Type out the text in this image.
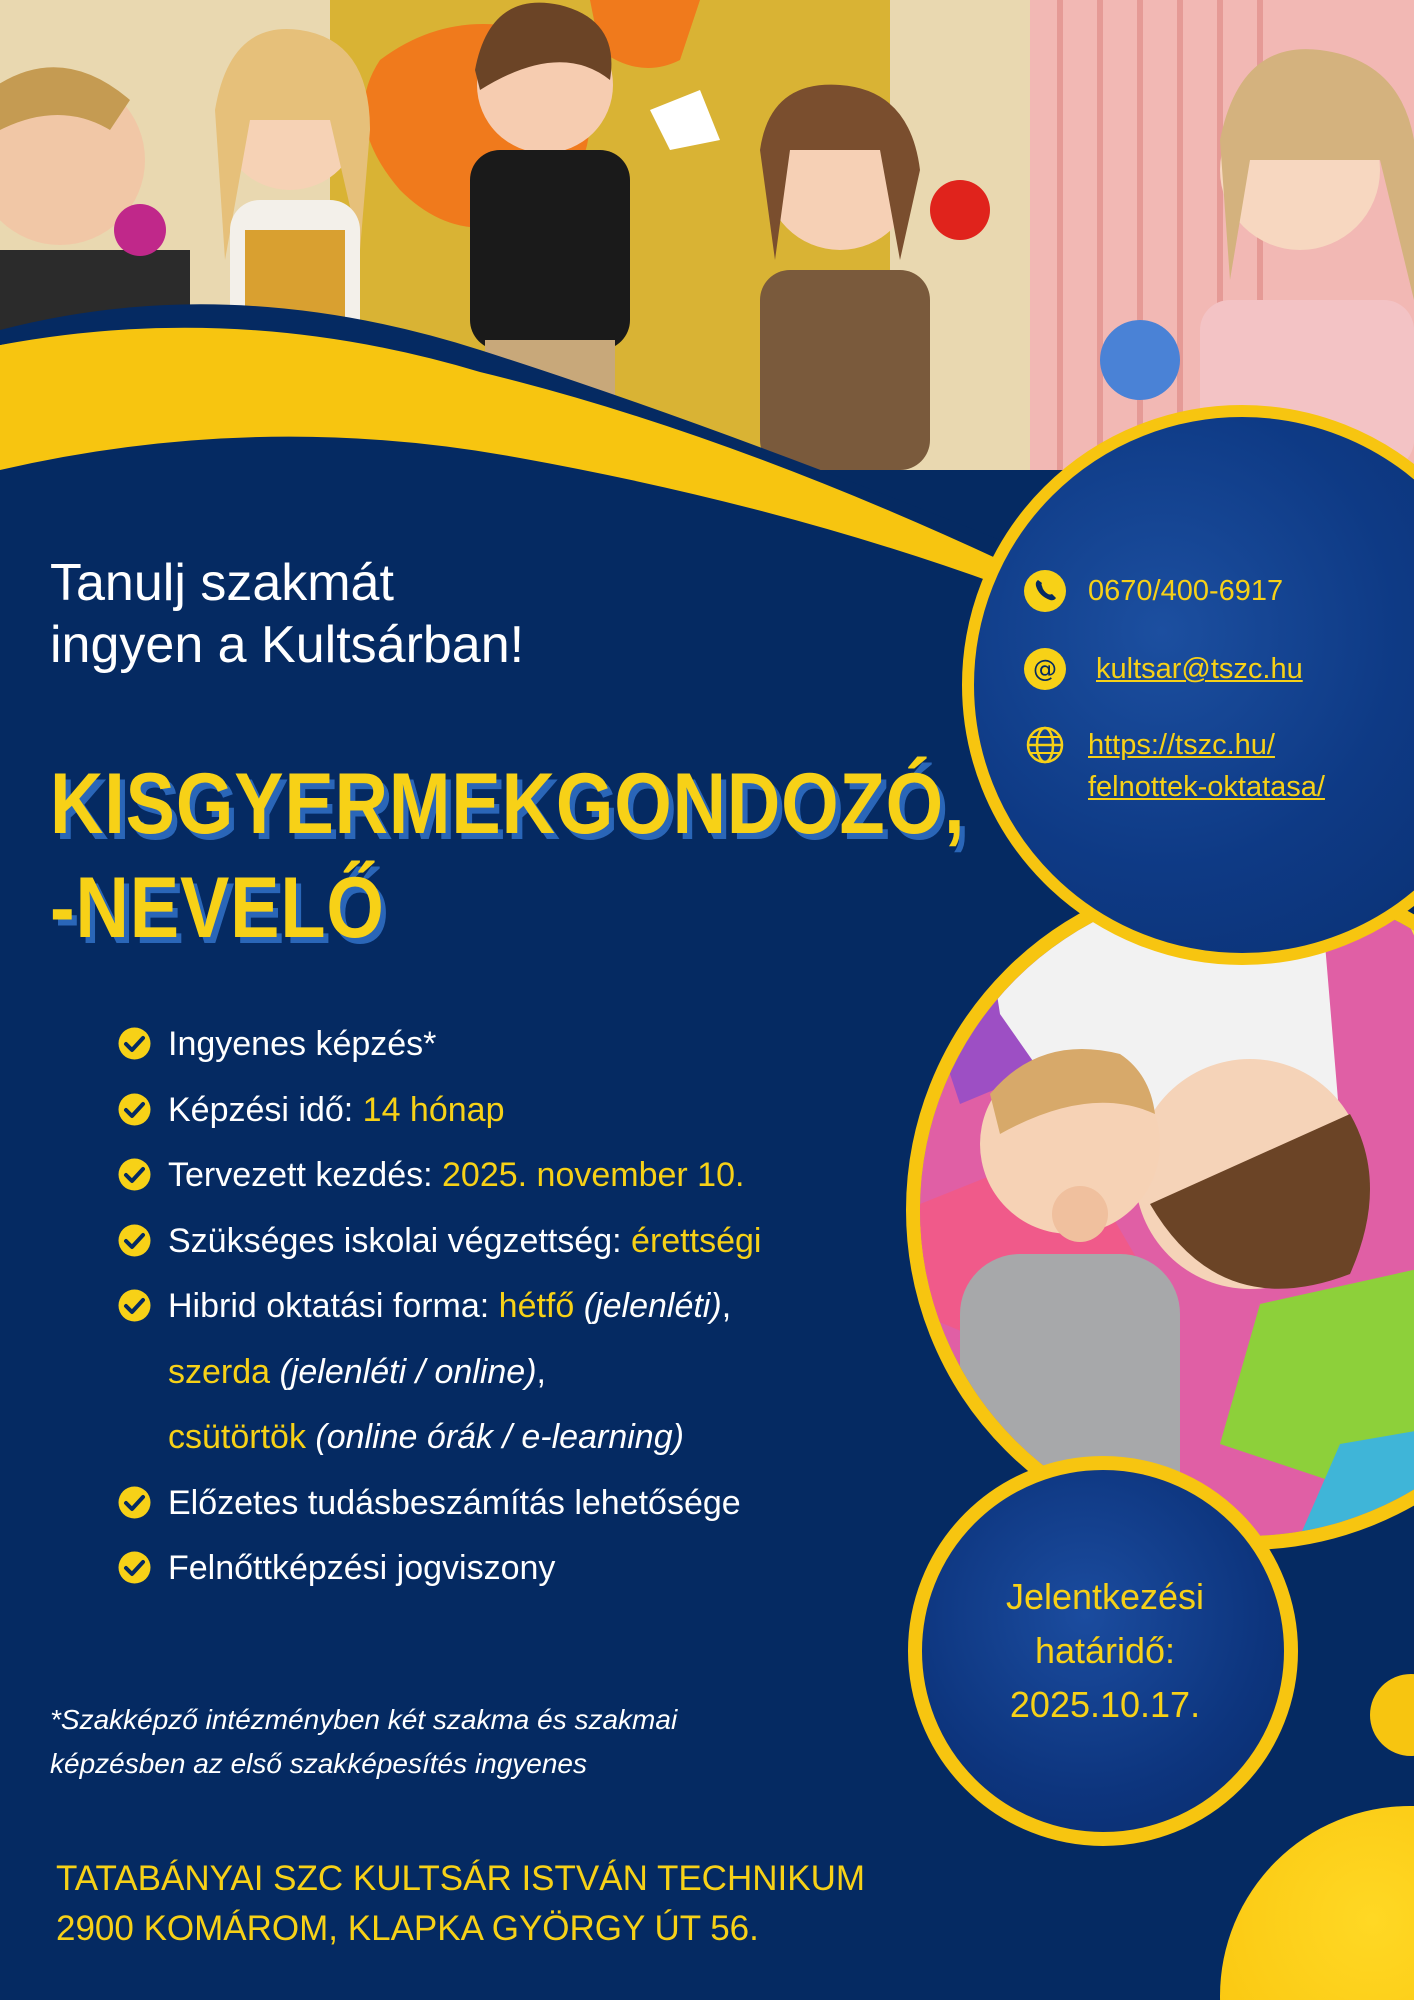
Tanulj szakmát
ingyen a Kultsárban!
KISGYERMEKGONDOZÓ,
-NEVELŐ
Ingyenes képzés*
Képzési idő: 14 hónap
Tervezett kezdés: 2025. november 10.
Szükséges iskolai végzettség: érettségi
Hibrid oktatási forma: hétfő (jelenléti),
szerda (jelenléti / online),
csütörtök (online órák / e-learning)
Előzetes tudásbeszámítás lehetősége
Felnőttképzési jogviszony
0670/400-6917
@ kultsar@tszc.hu
https://tszc.hu/
felnottek-oktatasa/
Jelentkezési
határidő:
2025.10.17.
*Szakképző intézményben két szakma és szakmai
képzésben az első szakképesítés ingyenes
TATABÁNYAI SZC KULTSÁR ISTVÁN TECHNIKUM
2900 KOMÁROM, KLAPKA GYÖRGY ÚT 56.
